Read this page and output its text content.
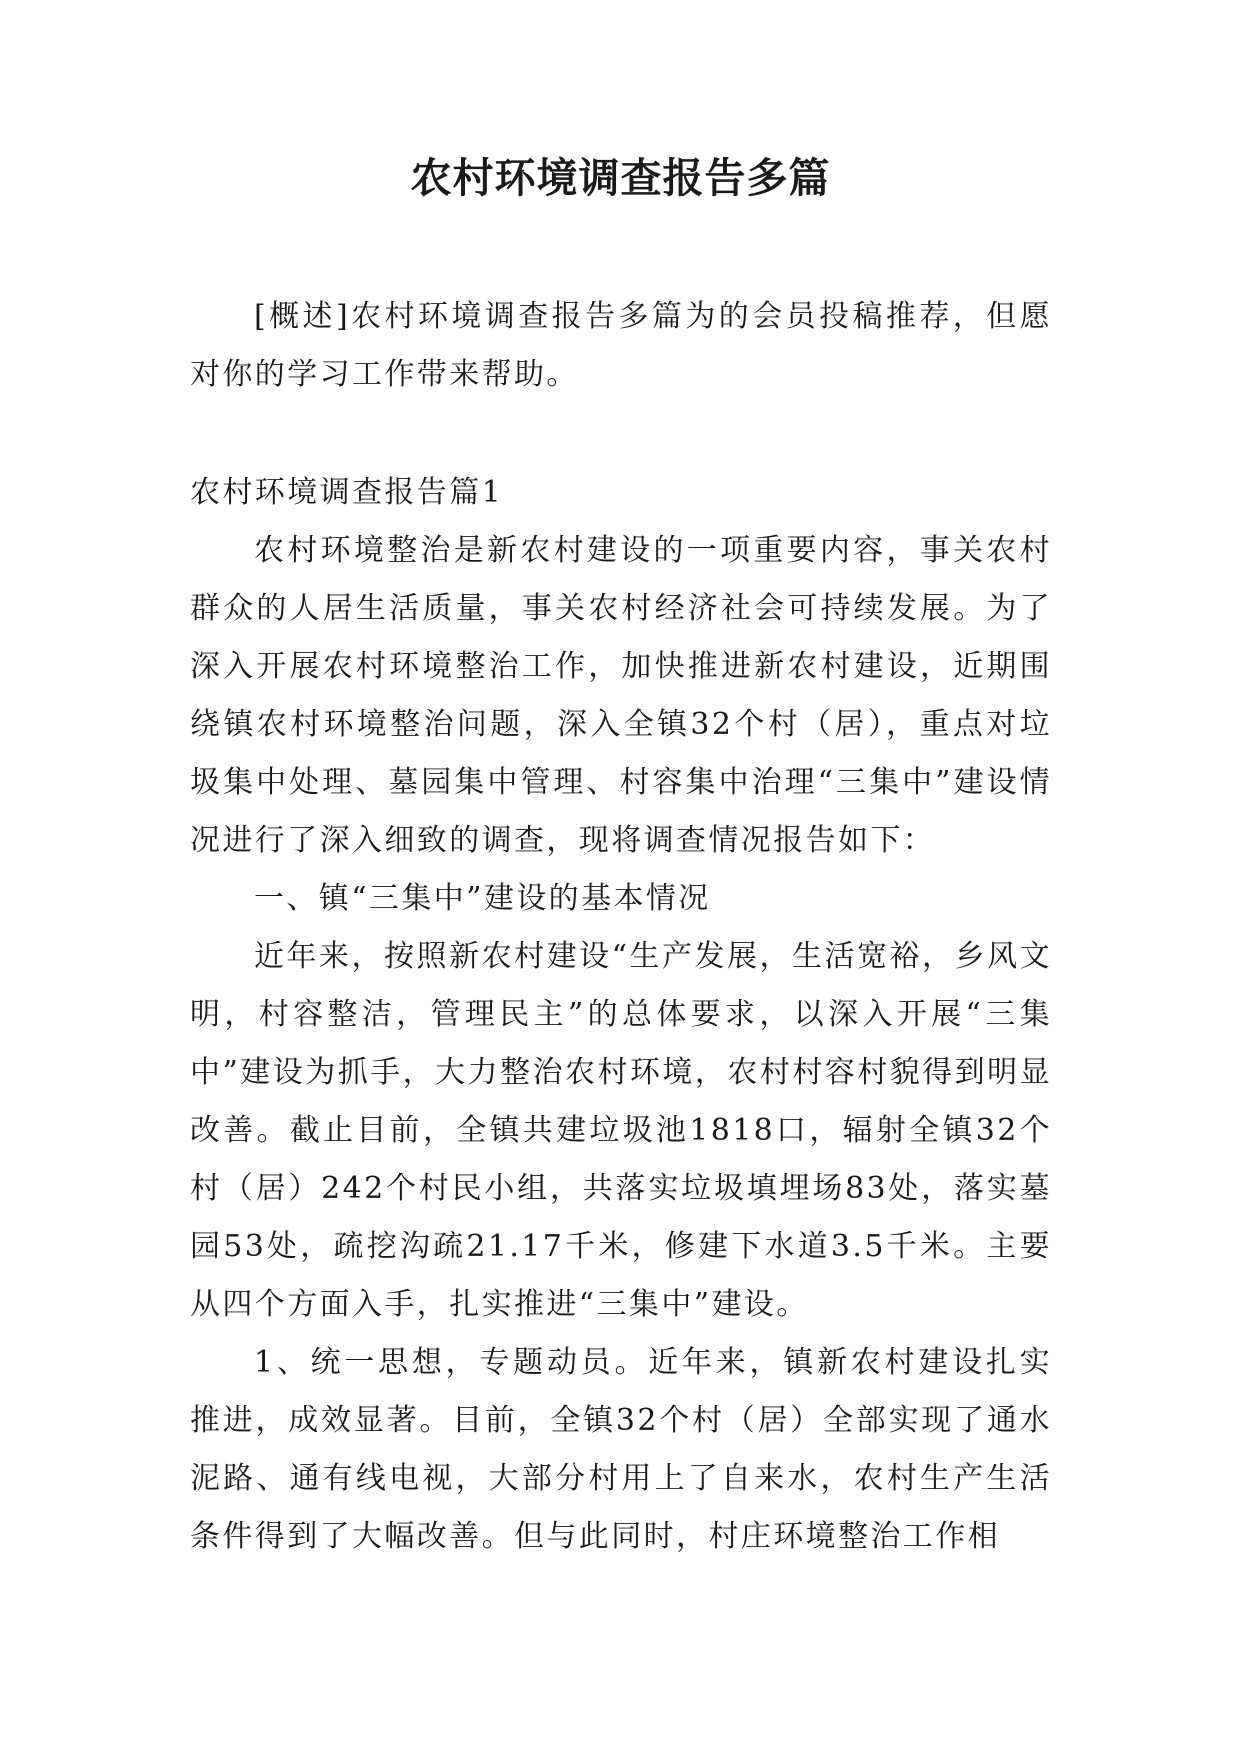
农村环境调查报告多篇

[概述]农村环境调查报告多篇为的会员投稿推荐，但愿对你的学习工作带来帮助。

农村环境调查报告篇1

农村环境整治是新农村建设的一项重要内容，事关农村群众的人居生活质量，事关农村经济社会可持续发展。为了深入开展农村环境整治工作，加快推进新农村建设，近期围绕镇农村环境整治问题，深入全镇32个村（居），重点对垃圾集中处理、墓园集中管理、村容集中治理“三集中”建设情况进行了深入细致的调查，现将调查情况报告如下：

一、镇“三集中”建设的基本情况

近年来，按照新农村建设“生产发展，生活宽裕，乡风文明，村容整洁，管理民主”的总体要求，以深入开展“三集中”建设为抓手，大力整治农村环境，农村村容村貌得到明显改善。截止目前，全镇共建垃圾池1818口，辐射全镇32个村（居）242个村民小组，共落实垃圾填埋场83处，落实墓园53处，疏挖沟疏21.17千米，修建下水道3.5千米。主要从四个方面入手，扎实推进“三集中”建设。

1、统一思想，专题动员。近年来，镇新农村建设扎实推进，成效显著。目前，全镇32个村（居）全部实现了通水泥路、通有线电视，大部分村用上了自来水，农村生产生活条件得到了大幅改善。但与此同时，村庄环境整治工作相
